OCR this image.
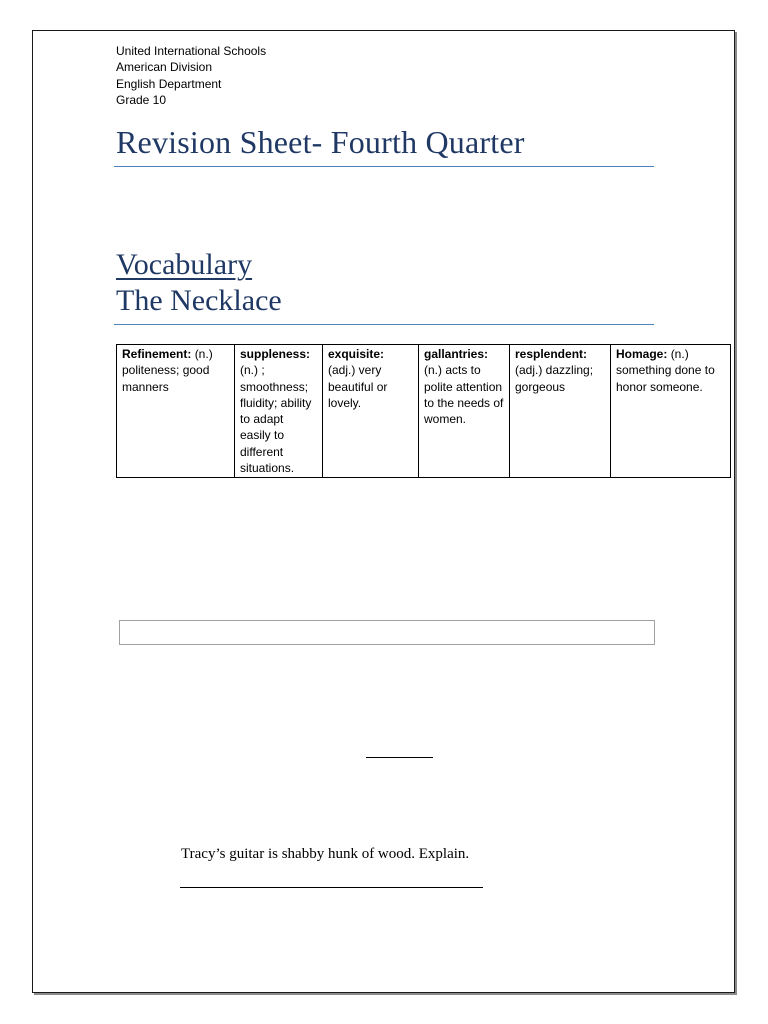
United International Schools
American Division
English Department
Grade 10
Revision Sheet- Fourth Quarter
Vocabulary
The Necklace
Refinement: (n.) politeness; good manners	suppleness: (n.) ; smoothness; fluidity; ability to adapt easily to different situations.	exquisite: (adj.) very beautiful or lovely.	gallantries: (n.) acts to polite attention to the needs of women.	resplendent: (adj.) dazzling; gorgeous	Homage: (n.) something done to honor someone.
Tracy’s guitar is shabby hunk of wood. Explain.
